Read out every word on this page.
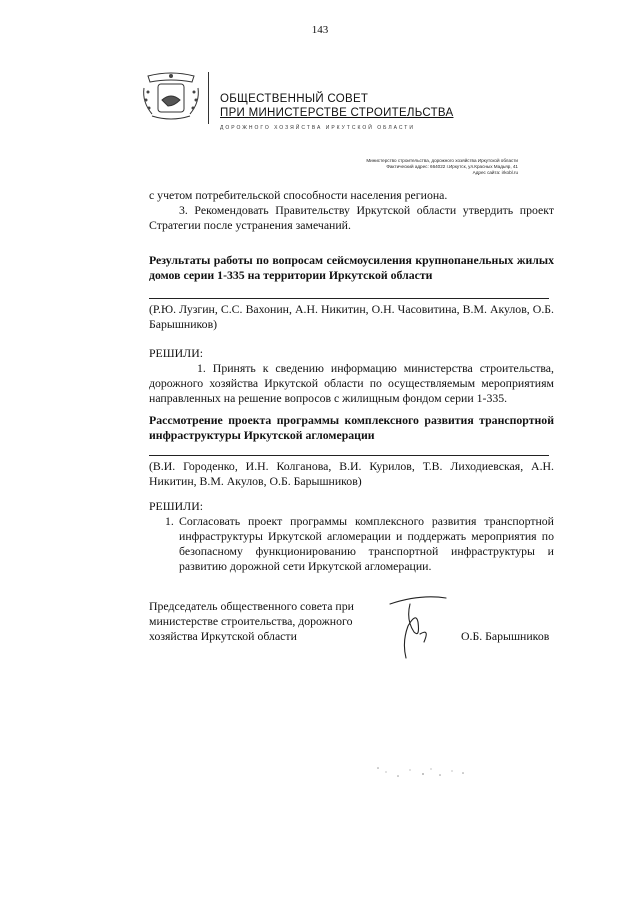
143
ОБЩЕСТВЕННЫЙ СОВЕТ
ПРИ МИНИСТЕРСТВЕ СТРОИТЕЛЬСТВА
ДОРОЖНОГО ХОЗЯЙСТВА ИРКУТСКОЙ ОБЛАСТИ
Министерство строительства, дорожного хозяйства Иркутской области
Фактический адрес: 664022 г.Иркутск, ул.Красных Мадьяр, 41
Адрес сайта: irkobl.ru

с учетом потребительской способности населения региона.

3. Рекомендовать Правительству Иркутской области утвердить проект Стратегии после устранения замечаний.

Результаты работы по вопросам сейсмоусиления крупнопанельных жилых домов серии 1-335 на территории Иркутской области

(Р.Ю. Лузгин, С.С. Вахонин, А.Н. Никитин, О.Н. Часовитина, В.М. Акулов, О.Б. Барышников)

РЕШИЛИ:

1. Принять к сведению информацию министерства строительства, дорожного хозяйства Иркутской области по осуществляемым мероприятиям направленных на решение вопросов с жилищным фондом серии 1-335.

Рассмотрение проекта программы комплексного развития транспортной инфраструктуры Иркутской агломерации

(В.И. Городенко, И.Н. Колганова, В.И. Курилов, Т.В. Лиходиевская, А.Н. Никитин, В.М. Акулов, О.Б. Барышников)

РЕШИЛИ:

1. Согласовать проект программы комплексного развития транспортной инфраструктуры Иркутской агломерации и поддержать мероприятия по безопасному функционированию транспортной инфраструктуры и развитию дорожной сети Иркутской агломерации.
Председатель общественного совета при министерстве строительства, дорожного хозяйства Иркутской области	О.Б. Барышников
